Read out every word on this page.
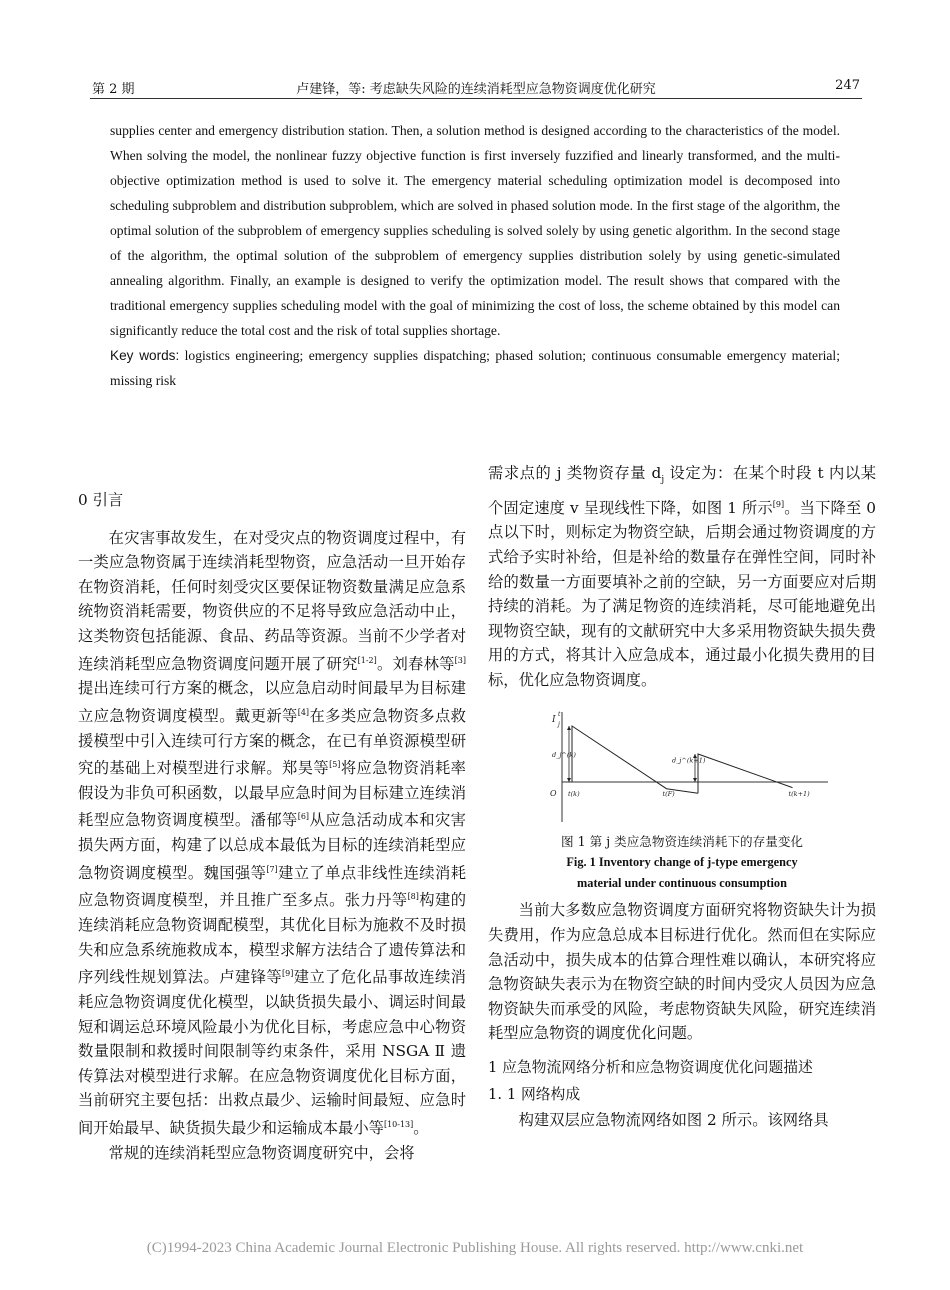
第 2 期	卢建锋，等: 考虑缺失风险的连续消耗型应急物资调度优化研究	247

supplies center and emergency distribution station. Then, a solution method is designed according to the characteristics of the model. When solving the model, the nonlinear fuzzy objective function is first inversely fuzzified and linearly transformed, and the multi-objective optimization method is used to solve it. The emergency material scheduling optimization model is decomposed into scheduling subproblem and distribution subproblem, which are solved in phased solution mode. In the first stage of the algorithm, the optimal solution of the subproblem of emergency supplies scheduling is solved solely by using genetic algorithm. In the second stage of the algorithm, the optimal solution of the subproblem of emergency supplies distribution solely by using genetic-simulated annealing algorithm. Finally, an example is designed to verify the optimization model. The result shows that compared with the traditional emergency supplies scheduling model with the goal of minimizing the cost of loss, the scheme obtained by this model can significantly reduce the total cost and the risk of total supplies shortage.

Key words: logistics engineering; emergency supplies dispatching; phased solution; continuous consumable emergency material; missing risk

0 引言

在灾害事故发生，在对受灾点的物资调度过程中，有一类应急物资属于连续消耗型物资，应急活动一旦开始存在物资消耗，任何时刻受灾区要保证物资数量满足应急系统物资消耗需要，物资供应的不足将导致应急活动中止，这类物资包括能源、食品、药品等资源。当前不少学者对连续消耗型应急物资调度问题开展了研究[1-2]。刘春林等[3]提出连续可行方案的概念，以应急启动时间最早为目标建立应急物资调度模型。戴更新等[4]在多类应急物资多点救援模型中引入连续可行方案的概念，在已有单资源模型研究的基础上对模型进行求解。郑昊等[5]将应急物资消耗率假设为非负可积函数，以最早应急时间为目标建立连续消耗型应急物资调度模型。潘郁等[6]从应急活动成本和灾害损失两方面，构建了以总成本最低为目标的连续消耗型应急物资调度模型。魏国强等[7]建立了单点非线性连续消耗应急物资调度模型，并且推广至多点。张力丹等[8]构建的连续消耗应急物资调配模型，其优化目标为施救不及时损失和应急系统施救成本，模型求解方法结合了遗传算法和序列线性规划算法。卢建锋等[9]建立了危化品事故连续消耗应急物资调度优化模型，以缺货损失最小、调运时间最短和调运总环境风险最小为优化目标，考虑应急中心物资数量限制和救援时间限制等约束条件，采用 NSGA Ⅱ 遗传算法对模型进行求解。在应急物资调度优化目标方面，当前研究主要包括：出救点最少、运输时间最短、应急时间开始最早、缺货损失最少和运输成本最小等[10-13]。

常规的连续消耗型应急物资调度研究中，会将

需求点的 j 类物资存量 $d_j$ 设定为：在某个时段 t 内以某个固定速度 v 呈现线性下降，如图 1 所示[9]。当下降至 0 点以下时，则标定为物资空缺，后期会通过物资调度的方式给予实时补给，但是补给的数量存在弹性空间，同时补给的数量一方面要填补之前的空缺，另一方面要应对后期持续的消耗。为了满足物资的连续消耗，尽可能地避免出现物资空缺，现有的文献研究中大多采用物资缺失损失费用的方式，将其计入应急成本，通过最小化损失费用的目标，优化应急物资调度。

I j
t
O
d_j^(k)
d_j^(k+1)
t(k)	t(F)	t(k+1)
图 1 第 j 类应急物资连续消耗下的存量变化
Fig. 1 Inventory change of j-type emergency
material under continuous consumption

当前大多数应急物资调度方面研究将物资缺失计为损失费用，作为应急总成本目标进行优化。然而但在实际应急活动中，损失成本的估算合理性难以确认，本研究将应急物资缺失表示为在物资空缺的时间内受灾人员因为应急物资缺失而承受的风险，考虑物资缺失风险，研究连续消耗型应急物资的调度优化问题。

1 应急物流网络分析和应急物资调度优化问题描述
1. 1 网络构成

构建双层应急物流网络如图 2 所示。该网络具

(C)1994-2023 China Academic Journal Electronic Publishing House. All rights reserved. http://www.cnki.net
